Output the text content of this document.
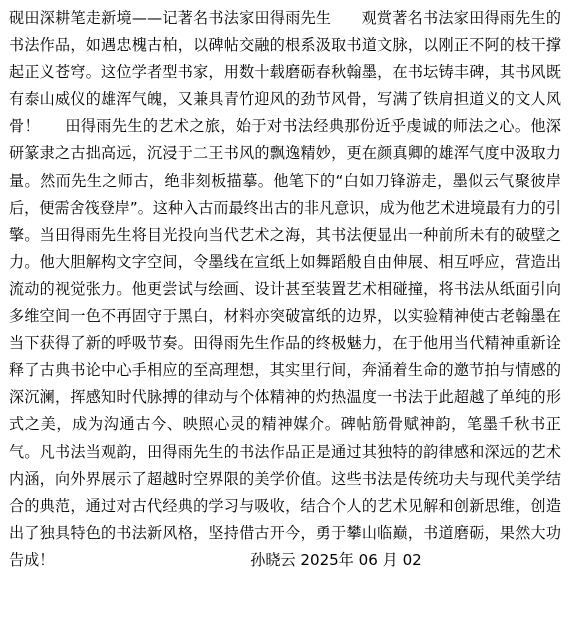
砚田深耕笔走新境——记著名书法家田得雨先生 观赏著名书法家田得雨先生的书法作品，如遇忠槐古柏，以碑帖交融的根系汲取书道文脉，以刚正不阿的枝干撑起正义苍穹。这位学者型书家，用数十载磨砺春秋翰墨，在书坛铸丰碑，其书风既有泰山威仪的雄浑气魄，又兼具青竹迎风的劲节风骨，写满了铁肩担道义的文人风骨！ 田得雨先生的艺术之旅，始于对书法经典那份近乎虔诚的师法之心。他深研篆隶之古拙高远，沉浸于二王书风的飘逸精妙，更在颜真卿的雄浑气度中汲取力量。然而先生之师古，绝非刻板描摹。他笔下的“白如刀锋游走，墨似云气聚彼岸后，便需舍筏登岸”。这种入古而最终出古的非凡意识，成为他艺术进境最有力的引擎。当田得雨先生将目光投向当代艺术之海，其书法便显出一种前所未有的破壁之力。他大胆解构文字空间，令墨线在宣纸上如舞蹈般自由伸展、相互呼应，营造出流动的视觉张力。他更尝试与绘画、设计甚至装置艺术相碰撞，将书法从纸面引向多维空间一色不再固守于黑白，材料亦突破富纸的边界，以实验精神使古老翰墨在当下获得了新的呼吸节奏。田得雨先生作品的终极魅力，在于他用当代精神重新诠释了古典书论中心手相应的至高理想，其实里行间，奔涌着生命的邀节拍与情感的深沉澜，挥感知时代脉搏的律动与个体精神的灼热温度一书法于此超越了单纯的形式之美，成为沟通古今、映照心灵的精神媒介。碑帖筋骨赋神韵，笔墨千秋书正气。凡书法当观韵，田得雨先生的书法作品正是通过其独特的韵律感和深远的艺术内涵，向外界展示了超越时空界限的美学价值。这些书法是传统功夫与现代美学结合的典范，通过对古代经典的学习与吸收，结合个人的艺术见解和创新思维，创造出了独具特色的书法新风格，坚持借古开今，勇于攀山临巅，书道磨砺，果然大功告成！	孙晓云 2025年 06 月 02
